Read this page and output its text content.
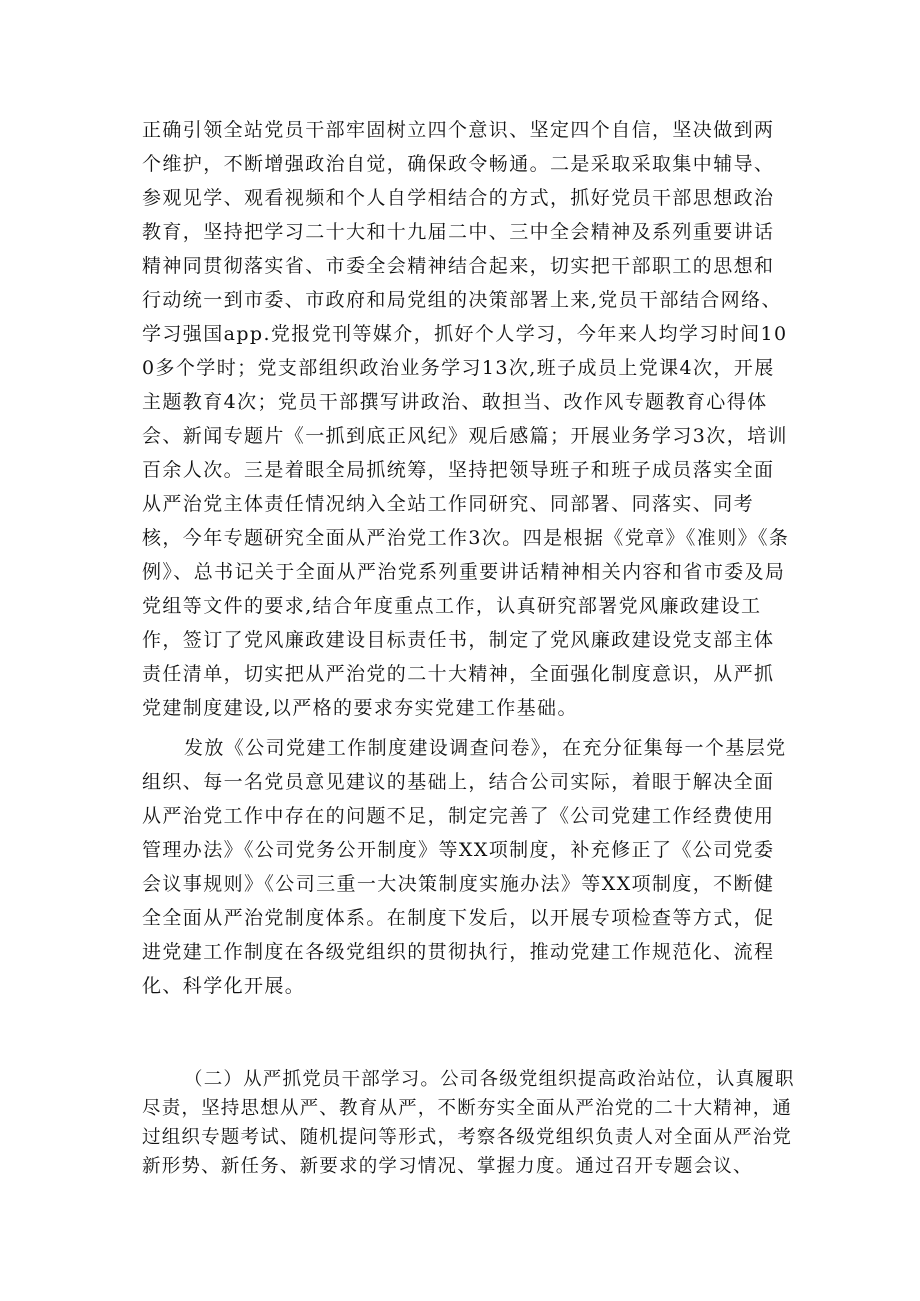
正确引领全站党员干部牢固树立四个意识、坚定四个自信，坚决做到两个维护，不断增强政治自觉，确保政令畅通。二是采取采取集中辅导、参观见学、观看视频和个人自学相结合的方式，抓好党员干部思想政治教育，坚持把学习二十大和十九届二中、三中全会精神及系列重要讲话精神同贯彻落实省、市委全会精神结合起来，切实把干部职工的思想和行动统一到市委、市政府和局党组的决策部署上来,党员干部结合网络、学习强国app.党报党刊等媒介，抓好个人学习，今年来人均学习时间100多个学时；党支部组织政治业务学习13次,班子成员上党课4次，开展主题教育4次；党员干部撰写讲政治、敢担当、改作风专题教育心得体会、新闻专题片《一抓到底正风纪》观后感篇；开展业务学习3次，培训百余人次。三是着眼全局抓统筹，坚持把领导班子和班子成员落实全面从严治党主体责任情况纳入全站工作同研究、同部署、同落实、同考核，今年专题研究全面从严治党工作3次。四是根据《党章》《准则》《条例》、总书记关于全面从严治党系列重要讲话精神相关内容和省市委及局党组等文件的要求,结合年度重点工作，认真研究部署党风廉政建设工作，签订了党风廉政建设目标责任书，制定了党风廉政建设党支部主体责任清单，切实把从严治党的二十大精神，全面强化制度意识，从严抓党建制度建设,以严格的要求夯实党建工作基础。

发放《公司党建工作制度建设调查问卷》，在充分征集每一个基层党组织、每一名党员意见建议的基础上，结合公司实际，着眼于解决全面从严治党工作中存在的问题不足，制定完善了《公司党建工作经费使用管理办法》《公司党务公开制度》等XX项制度，补充修正了《公司党委会议事规则》《公司三重一大决策制度实施办法》等XX项制度，不断健全全面从严治党制度体系。在制度下发后，以开展专项检查等方式，促进党建工作制度在各级党组织的贯彻执行，推动党建工作规范化、流程化、科学化开展。

（二）从严抓党员干部学习。公司各级党组织提高政治站位，认真履职尽责，坚持思想从严、教育从严，不断夯实全面从严治党的二十大精神，通过组织专题考试、随机提问等形式，考察各级党组织负责人对全面从严治党新形势、新任务、新要求的学习情况、掌握力度。通过召开专题会议、
